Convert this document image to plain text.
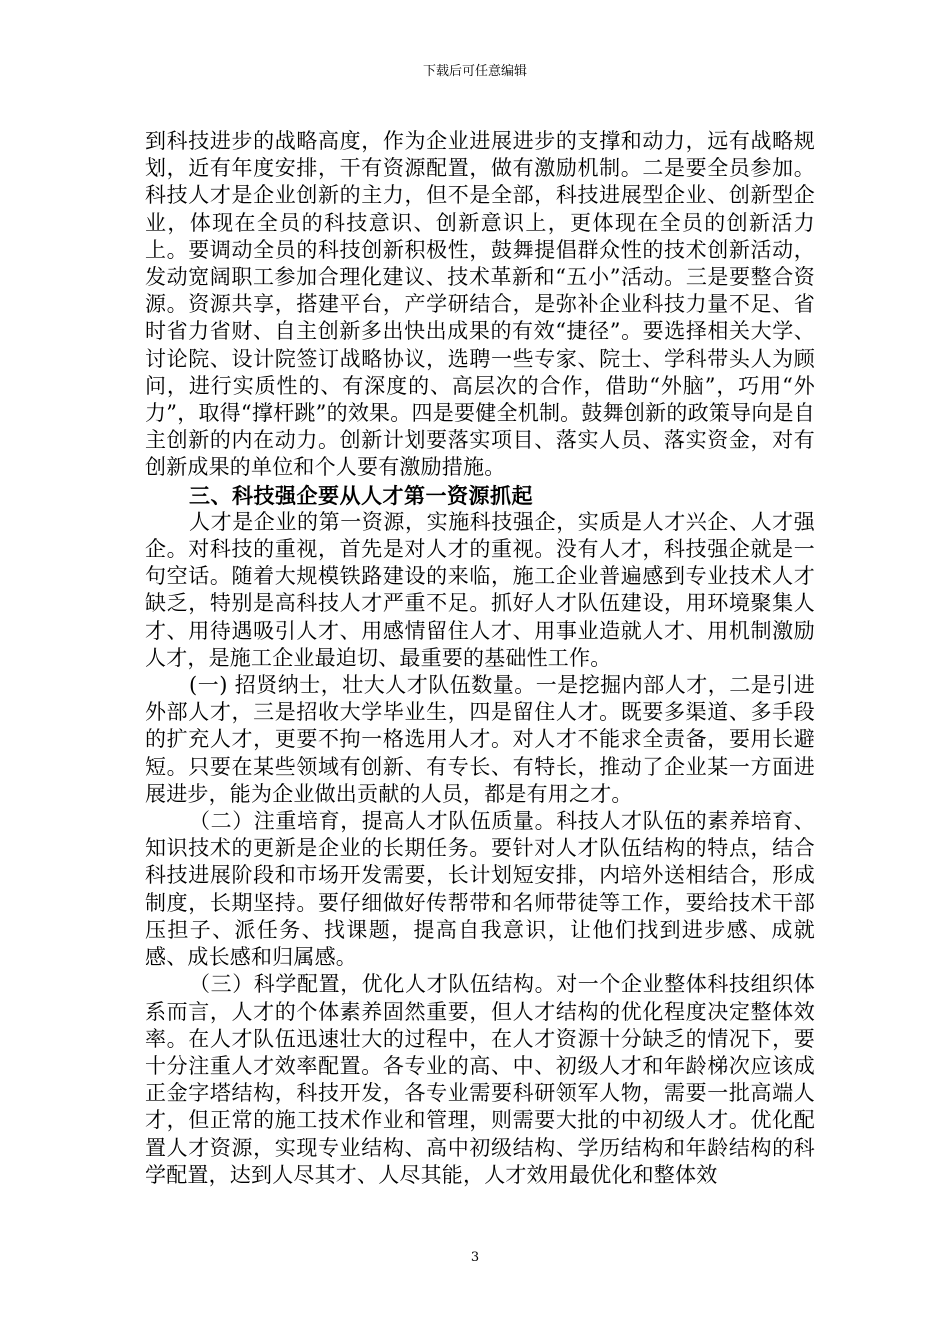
下载后可任意编辑

到科技进步的战略高度，作为企业进展进步的支撑和动力，远有战略规划，近有年度安排，干有资源配置，做有激励机制。二是要全员参加。科技人才是企业创新的主力，但不是全部，科技进展型企业、创新型企业，体现在全员的科技意识、创新意识上，更体现在全员的创新活力上。要调动全员的科技创新积极性，鼓舞提倡群众性的技术创新活动，发动宽阔职工参加合理化建议、技术革新和“五小”活动。三是要整合资源。资源共享，搭建平台，产学研结合，是弥补企业科技力量不足、省时省力省财、自主创新多出快出成果的有效“捷径”。要选择相关大学、讨论院、设计院签订战略协议，选聘一些专家、院士、学科带头人为顾问，进行实质性的、有深度的、高层次的合作，借助“外脑”，巧用“外力”，取得“撑杆跳”的效果。四是要健全机制。鼓舞创新的政策导向是自主创新的内在动力。创新计划要落实项目、落实人员、落实资金，对有创新成果的单位和个人要有激励措施。

三、科技强企要从人才第一资源抓起

人才是企业的第一资源，实施科技强企，实质是人才兴企、人才强企。对科技的重视，首先是对人才的重视。没有人才，科技强企就是一句空话。随着大规模铁路建设的来临，施工企业普遍感到专业技术人才缺乏，特别是高科技人才严重不足。抓好人才队伍建设，用环境聚集人才、用待遇吸引人才、用感情留住人才、用事业造就人才、用机制激励人才，是施工企业最迫切、最重要的基础性工作。

(一) 招贤纳士，壮大人才队伍数量。一是挖掘内部人才，二是引进外部人才，三是招收大学毕业生，四是留住人才。既要多渠道、多手段的扩充人才，更要不拘一格选用人才。对人才不能求全责备，要用长避短。只要在某些领域有创新、有专长、有特长，推动了企业某一方面进展进步，能为企业做出贡献的人员，都是有用之才。

（二）注重培育，提高人才队伍质量。科技人才队伍的素养培育、知识技术的更新是企业的长期任务。要针对人才队伍结构的特点，结合科技进展阶段和市场开发需要，长计划短安排，内培外送相结合，形成制度，长期坚持。要仔细做好传帮带和名师带徒等工作，要给技术干部压担子、派任务、找课题，提高自我意识，让他们找到进步感、成就感、成长感和归属感。

（三）科学配置，优化人才队伍结构。对一个企业整体科技组织体系而言，人才的个体素养固然重要，但人才结构的优化程度决定整体效率。在人才队伍迅速壮大的过程中，在人才资源十分缺乏的情况下，要十分注重人才效率配置。各专业的高、中、初级人才和年龄梯次应该成正金字塔结构，科技开发，各专业需要科研领军人物，需要一批高端人才，但正常的施工技术作业和管理，则需要大批的中初级人才。优化配置人才资源，实现专业结构、高中初级结构、学历结构和年龄结构的科学配置，达到人尽其才、人尽其能，人才效用最优化和整体效

3
